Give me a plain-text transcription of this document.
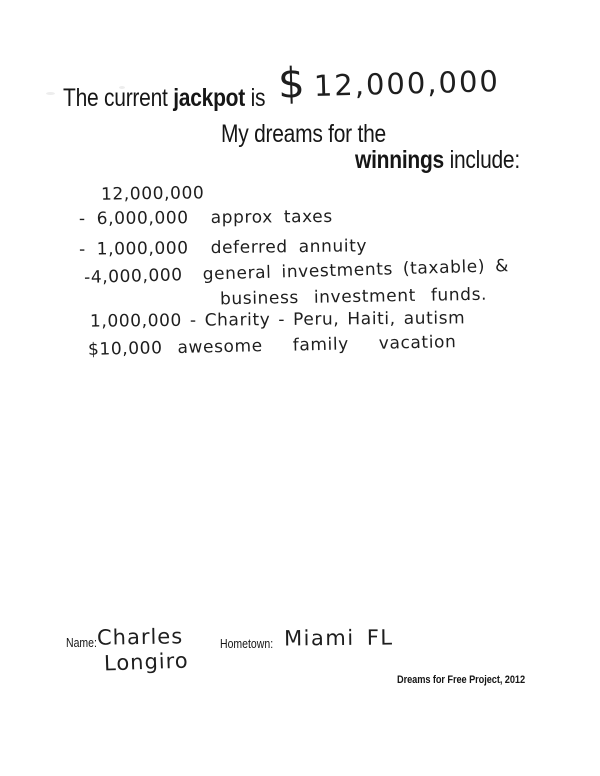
The current jackpot is $ 12,000,000
My dreams for the
winnings include:
12,000,000
- 6,000,000  approx taxes
- 1,000,000  deferred annuity
-4,000,000  general investments (taxable) &
business investment funds.
1,000,000 - Charity - Peru, Haiti, autism
$10,000 awesome  family  vacation
Name: Charles
Longiro
Hometown: Miami FL
Dreams for Free Project, 2012
